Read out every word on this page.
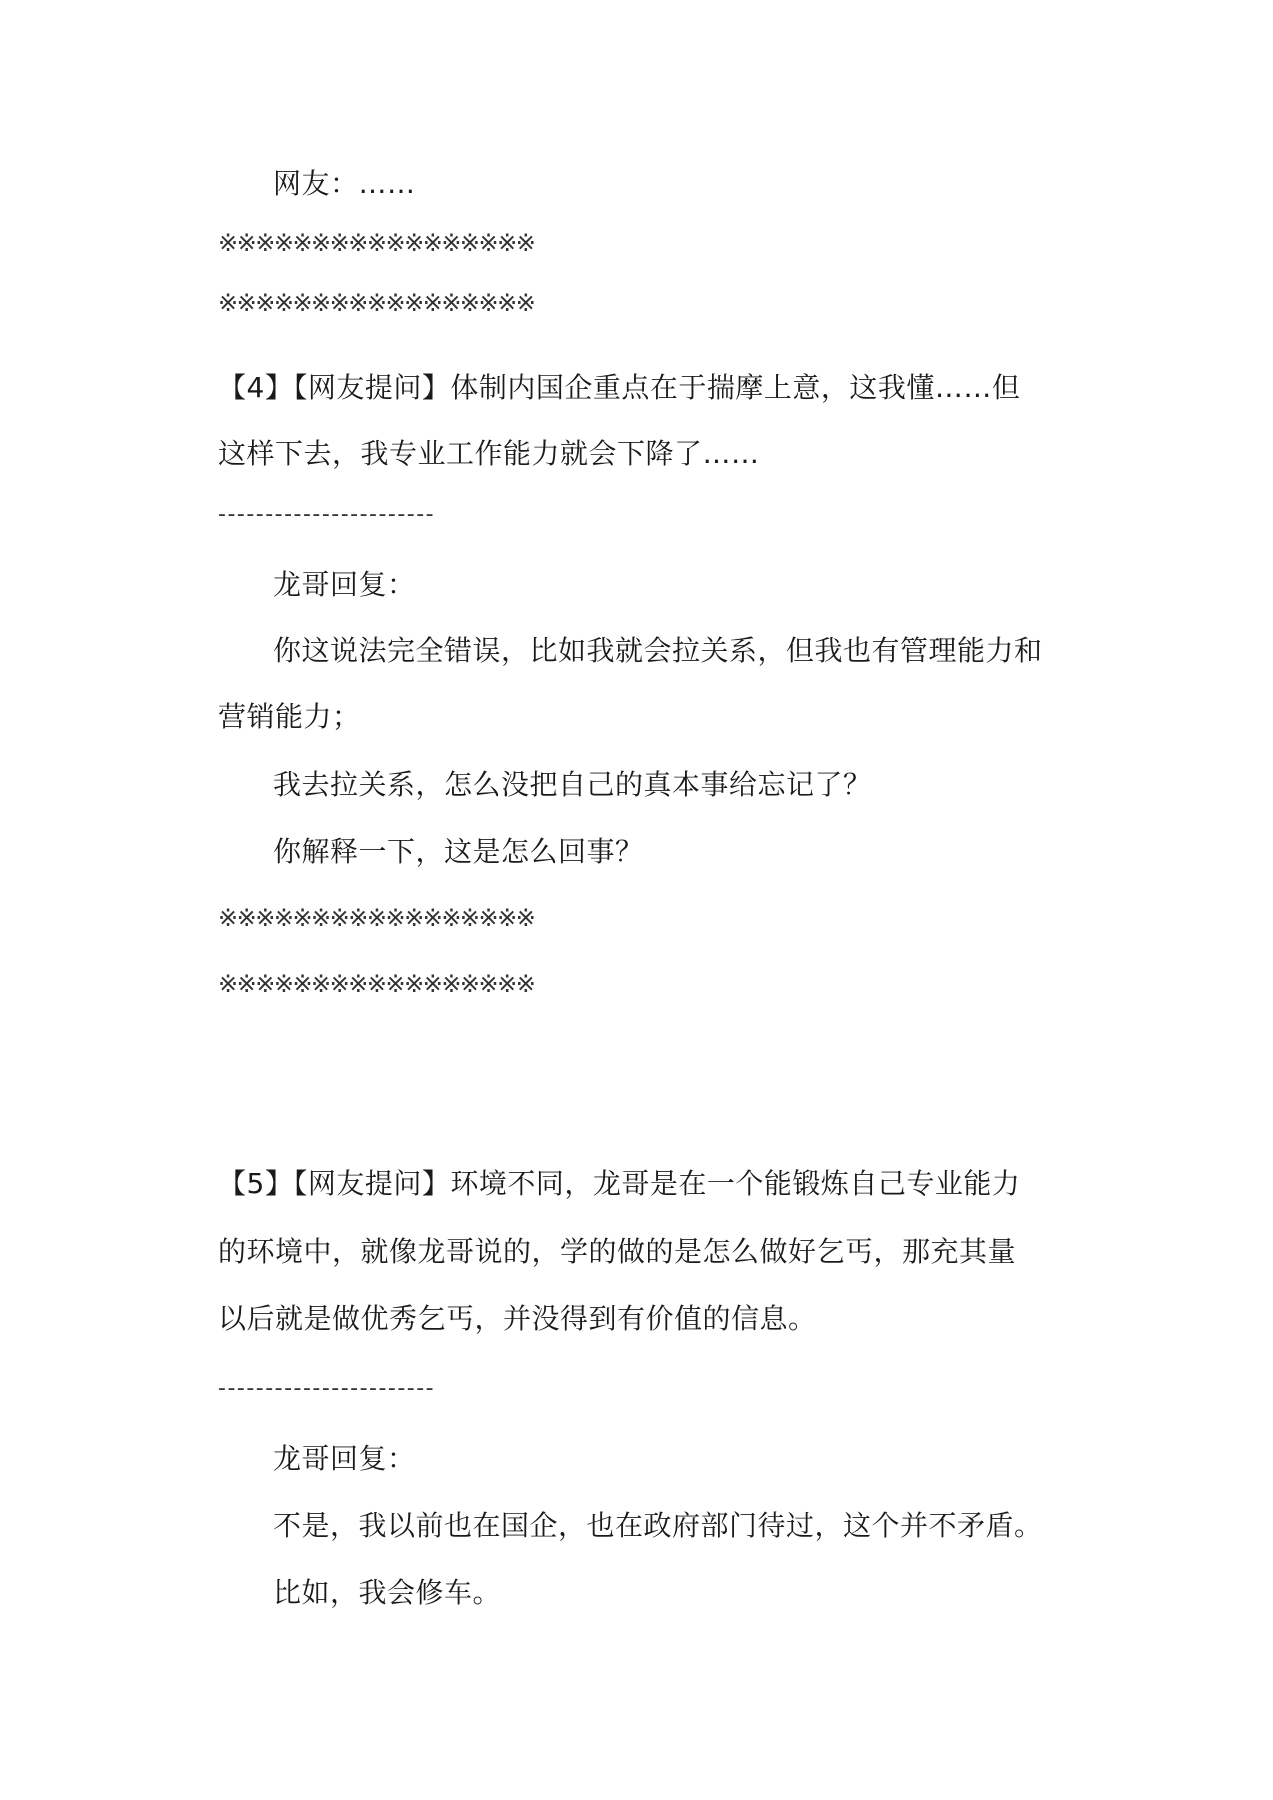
网友：……
※※※※※※※※※※※※※※※※※
※※※※※※※※※※※※※※※※※
【4】【网友提问】体制内国企重点在于揣摩上意，这我懂……但
这样下去，我专业工作能力就会下降了……
-----------------------
龙哥回复：
你这说法完全错误，比如我就会拉关系，但我也有管理能力和
营销能力；
我去拉关系，怎么没把自己的真本事给忘记了？
你解释一下，这是怎么回事？
※※※※※※※※※※※※※※※※※
※※※※※※※※※※※※※※※※※
【5】【网友提问】环境不同，龙哥是在一个能锻炼自己专业能力
的环境中，就像龙哥说的，学的做的是怎么做好乞丐，那充其量
以后就是做优秀乞丐，并没得到有价值的信息。
-----------------------
龙哥回复：
不是，我以前也在国企，也在政府部门待过，这个并不矛盾。
比如，我会修车。
